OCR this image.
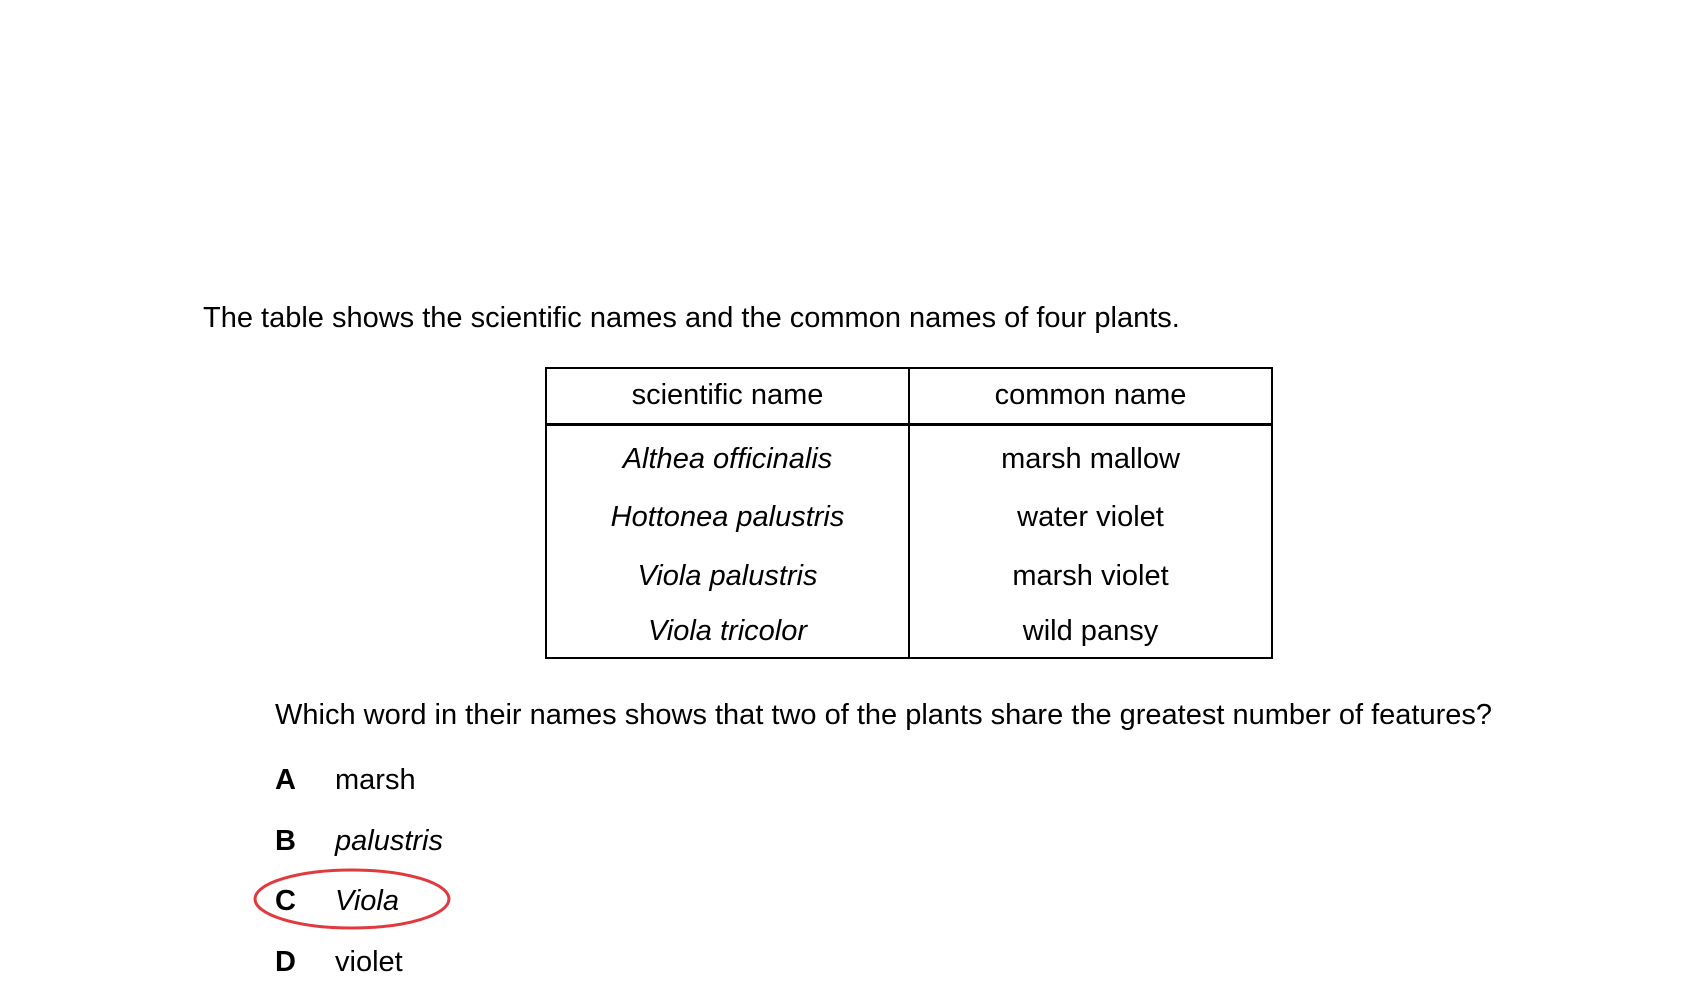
The table shows the scientific names and the common names of four plants.
scientific name	common name
Althea officinalis	marsh mallow
Hottonea palustris	water violet
Viola palustris	marsh violet
Viola tricolor	wild pansy
Which word in their names shows that two of the plants share the greatest number of features?
A marsh
B palustris
C Viola
D violet
